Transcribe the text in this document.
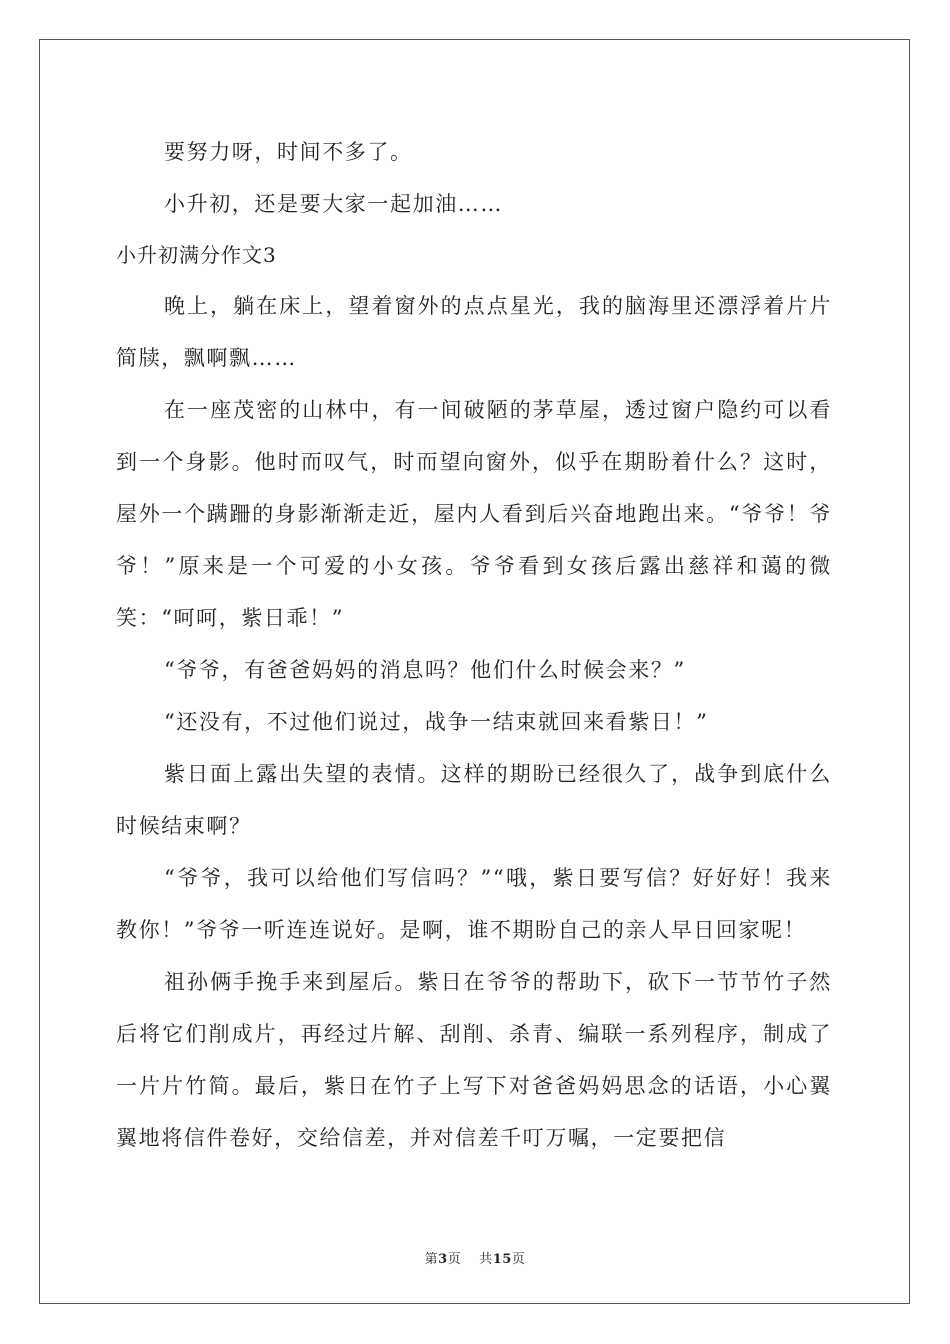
要努力呀，时间不多了。

小升初，还是要大家一起加油……

小升初满分作文3

晚上，躺在床上，望着窗外的点点星光，我的脑海里还漂浮着片片简牍，飘啊飘……

在一座茂密的山林中，有一间破陋的茅草屋，透过窗户隐约可以看到一个身影。他时而叹气，时而望向窗外，似乎在期盼着什么？这时，屋外一个蹒跚的身影渐渐走近，屋内人看到后兴奋地跑出来。“爷爷！爷爷！”原来是一个可爱的小女孩。爷爷看到女孩后露出慈祥和蔼的微笑：“呵呵，紫日乖！”

“爷爷，有爸爸妈妈的消息吗？他们什么时候会来？”

“还没有，不过他们说过，战争一结束就回来看紫日！”

紫日面上露出失望的表情。这样的期盼已经很久了，战争到底什么时候结束啊？

“爷爷，我可以给他们写信吗？”“哦，紫日要写信？好好好！我来教你！”爷爷一听连连说好。是啊，谁不期盼自己的亲人早日回家呢！

祖孙俩手挽手来到屋后。紫日在爷爷的帮助下，砍下一节节竹子然后将它们削成片，再经过片解、刮削、杀青、编联一系列程序，制成了一片片竹简。最后，紫日在竹子上写下对爸爸妈妈思念的话语，小心翼翼地将信件卷好，交给信差，并对信差千叮万嘱，一定要把信

第3页 共15页
